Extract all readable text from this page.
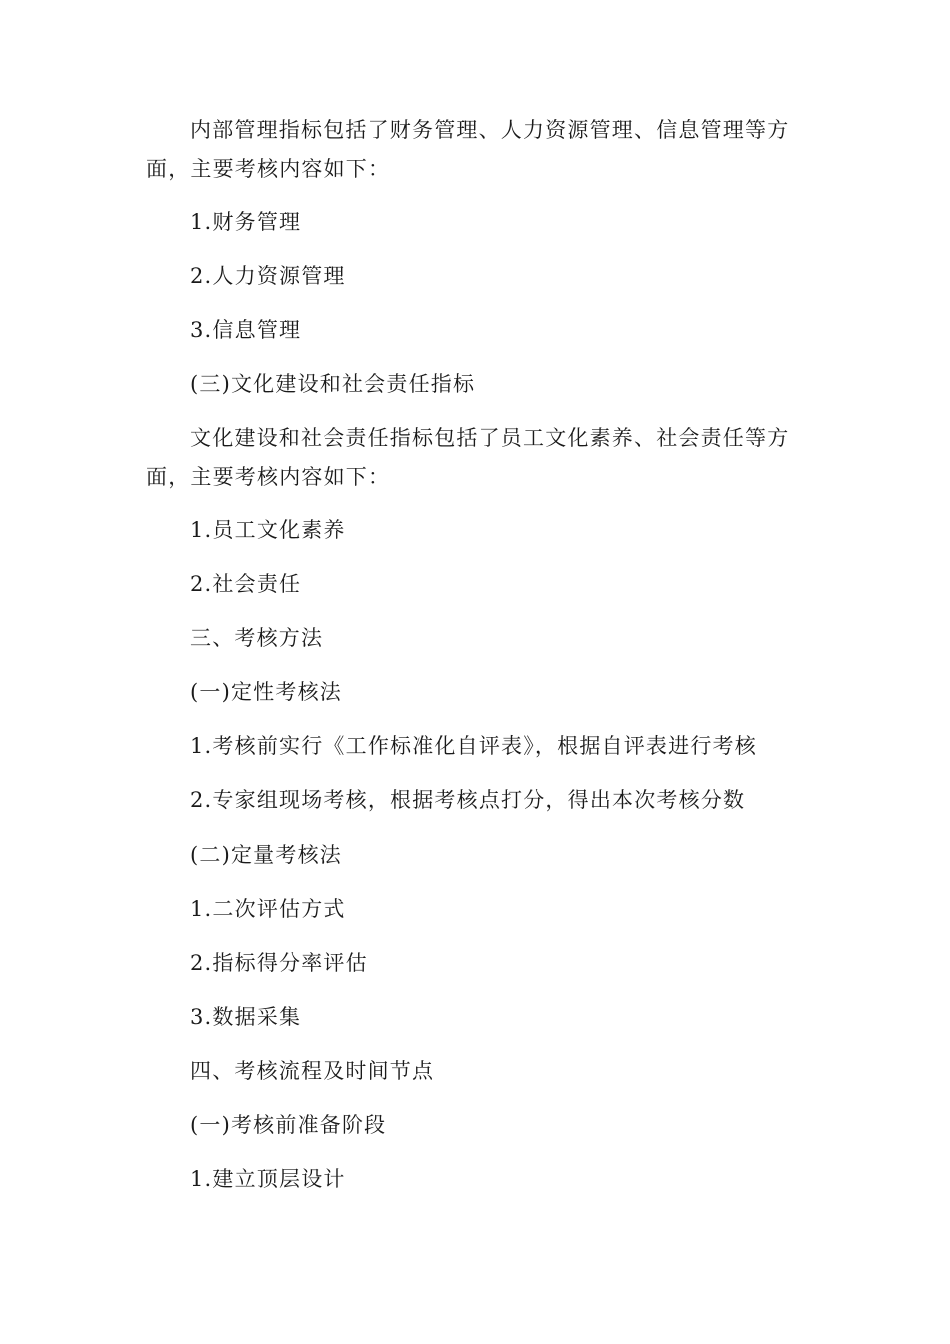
内部管理指标包括了财务管理、人力资源管理、信息管理等方
面，主要考核内容如下：
1.财务管理
2.人力资源管理
3.信息管理
(三)文化建设和社会责任指标
文化建设和社会责任指标包括了员工文化素养、社会责任等方
面，主要考核内容如下：
1.员工文化素养
2.社会责任
三、考核方法
(一)定性考核法
1.考核前实行《工作标准化自评表》，根据自评表进行考核
2.专家组现场考核，根据考核点打分，得出本次考核分数
(二)定量考核法
1.二次评估方式
2.指标得分率评估
3.数据采集
四、考核流程及时间节点
(一)考核前准备阶段
1.建立顶层设计
